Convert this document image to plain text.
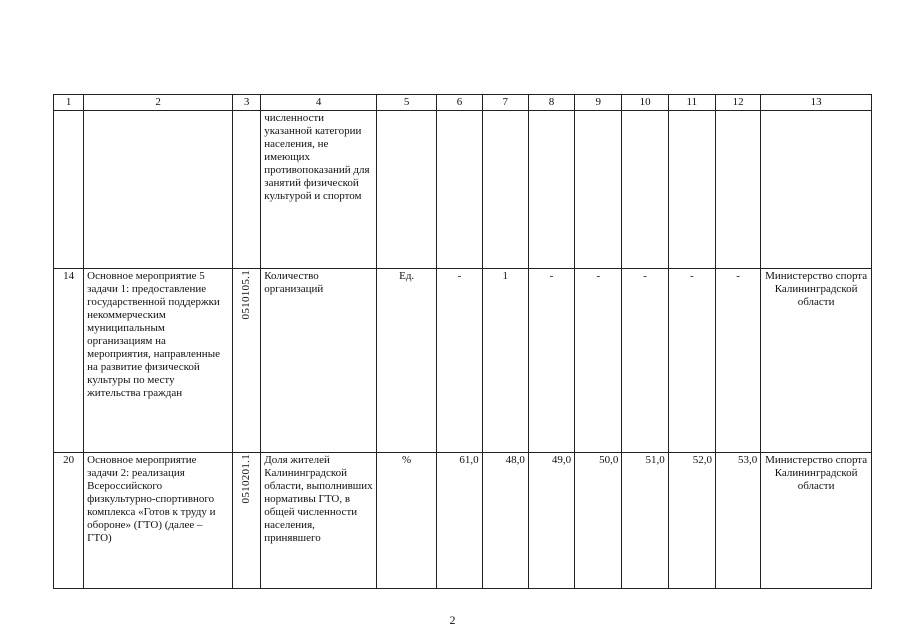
1	2	3	4	5	6	7	8	9	10	11	12	13
			численности указанной категории населения, не имеющих противопоказаний для занятий физической культурой и спортом									
14	Основное мероприятие 5 задачи 1: предоставление государственной поддержки некоммерческим муниципальным организациям на мероприятия, направленные на развитие физической культуры по месту жительства граждан	0510105.1	Количество организаций	Ед.	-	1	-	-	-	-	-	Министерство спорта Калининградской области
20	Основное мероприятие задачи 2: реализация Всероссийского физкультурно-спортивного комплекса «Готов к труду и обороне» (ГТО) (далее – ГТО)	0510201.1	Доля жителей Калининградской области, выполнивших нормативы ГТО, в общей численности населения, принявшего	%	61,0	48,0	49,0	50,0	51,0	52,0	53,0	Министерство спорта Калининградской области
2
